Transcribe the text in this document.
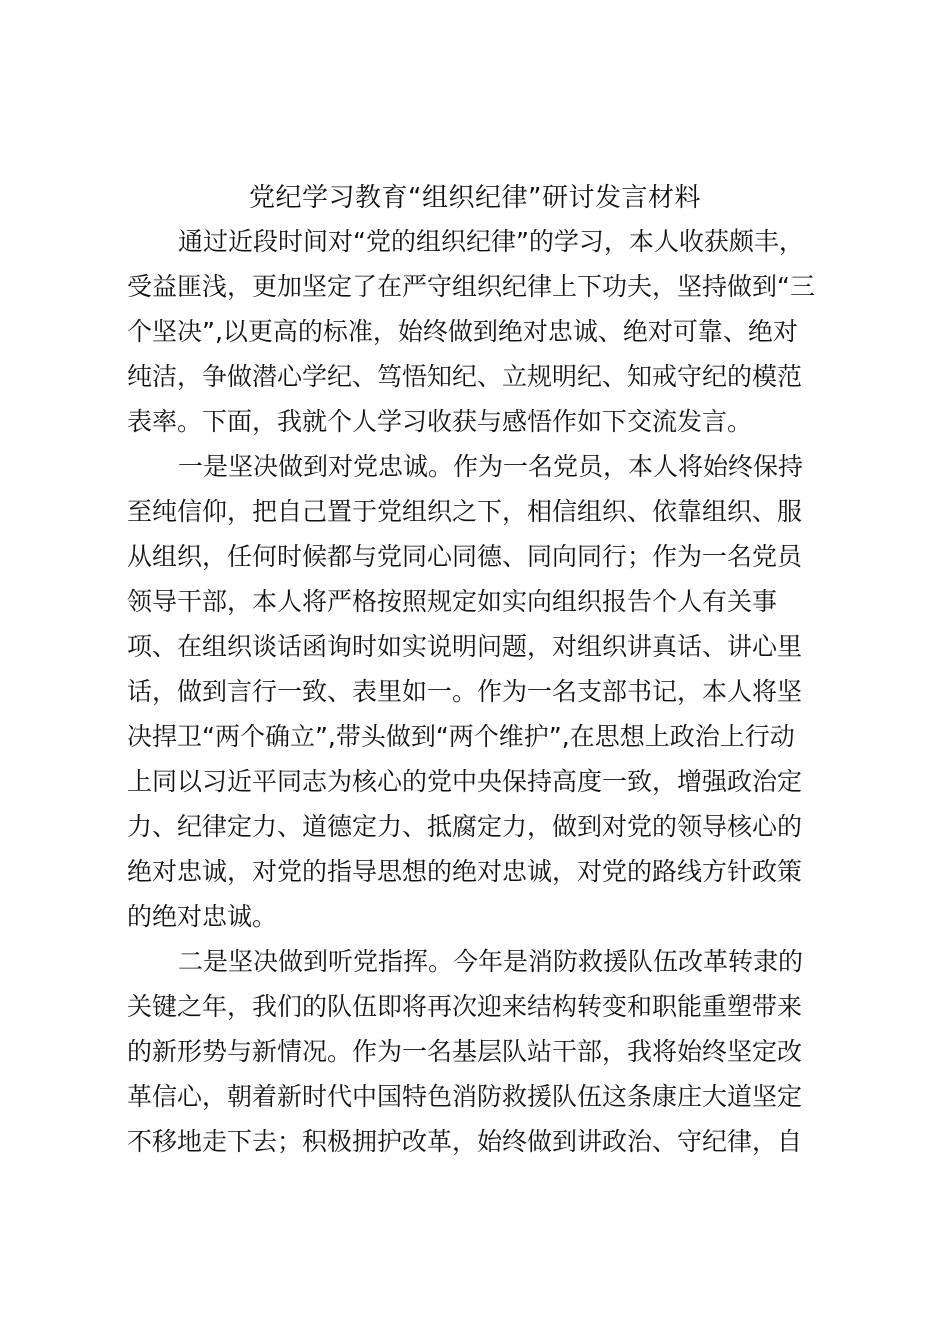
党纪学习教育“组织纪律”研讨发言材料

通过近段时间对“党的组织纪律”的学习，本人收获颇丰，

受益匪浅，更加坚定了在严守组织纪律上下功夫，坚持做到“三

个坚决”,以更高的标准，始终做到绝对忠诚、绝对可靠、绝对

纯洁，争做潜心学纪、笃悟知纪、立规明纪、知戒守纪的模范

表率。下面，我就个人学习收获与感悟作如下交流发言。

一是坚决做到对党忠诚。作为一名党员，本人将始终保持

至纯信仰，把自己置于党组织之下，相信组织、依靠组织、服

从组织，任何时候都与党同心同德、同向同行；作为一名党员

领导干部，本人将严格按照规定如实向组织报告个人有关事

项、在组织谈话函询时如实说明问题，对组织讲真话、讲心里

话，做到言行一致、表里如一。作为一名支部书记，本人将坚

决捍卫“两个确立”,带头做到“两个维护”,在思想上政治上行动

上同以习近平同志为核心的党中央保持高度一致，增强政治定

力、纪律定力、道德定力、抵腐定力，做到对党的领导核心的

绝对忠诚，对党的指导思想的绝对忠诚，对党的路线方针政策

的绝对忠诚。

二是坚决做到听党指挥。今年是消防救援队伍改革转隶的

关键之年，我们的队伍即将再次迎来结构转变和职能重塑带来

的新形势与新情况。作为一名基层队站干部，我将始终坚定改

革信心，朝着新时代中国特色消防救援队伍这条康庄大道坚定

不移地走下去；积极拥护改革，始终做到讲政治、守纪律，自
